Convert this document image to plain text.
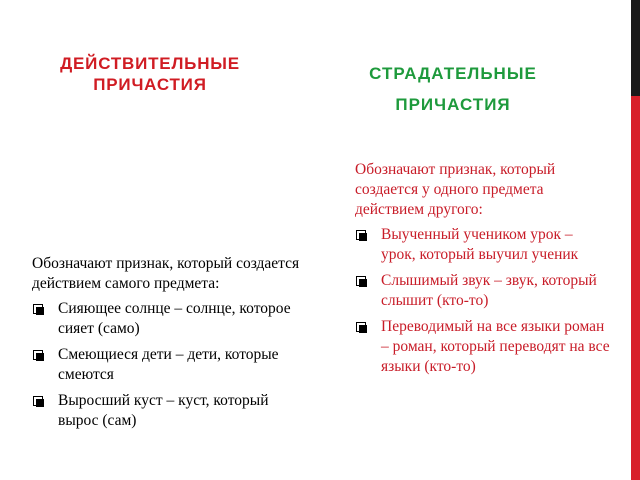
ДЕЙСТВИТЕЛЬНЫЕ ПРИЧАСТИЯ
СТРАДАТЕЛЬНЫЕ ПРИЧАСТИЯ

Обозначают признак, который создается действием самого предмета:

Сияющее солнце – солнце, которое сияет (само)
Смеющиеся дети – дети, которые смеются
Выросший куст – куст, который вырос (сам)

Обозначают признак, который создается у одного предмета действием другого:

Выученный учеником урок – урок, который выучил ученик
Слышимый звук – звук, который слышит (кто-то)
Переводимый на все языки роман – роман, который переводят на все языки (кто-то)
